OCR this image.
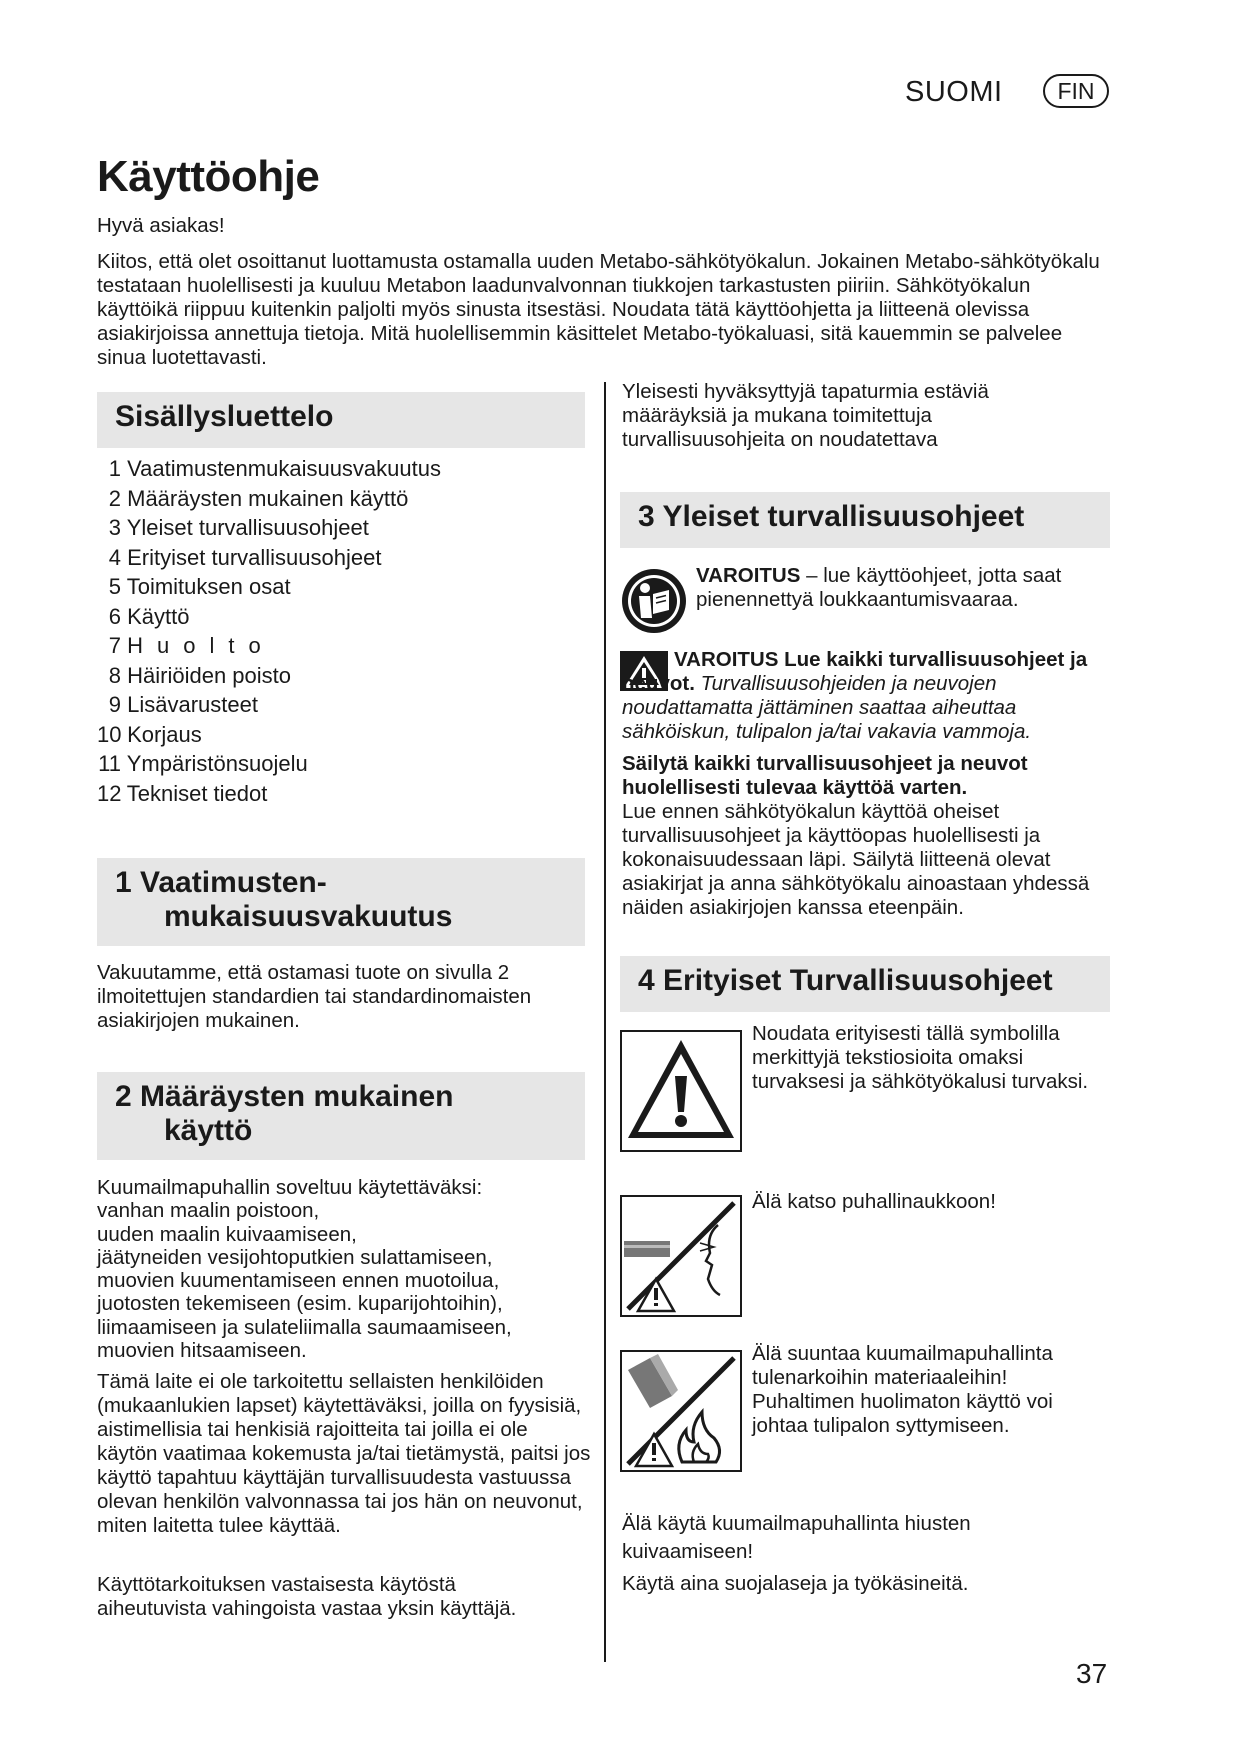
SUOMI	FIN
Käyttöohje
Hyvä asiakas!
Kiitos, että olet osoittanut luottamusta ostamalla uuden Metabo-sähkötyökalun. Jokainen Metabo-sähkötyökalu testataan huolellisesti ja kuuluu Metabon laadunvalvonnan tiukkojen tarkastusten piiriin. Sähkötyökalun käyttöikä riippuu kuitenkin paljolti myös sinusta itsestäsi. Noudata tätä käyttöohjetta ja liitteenä olevissa asiakirjoissa annettuja tietoja. Mitä huolellisemmin käsittelet Metabo-työkaluasi, sitä kauemmin se palvelee sinua luotettavasti.
Sisällysluettelo
1 Vaatimustenmukaisuusvakuutus
2 Määräysten mukainen käyttö
3 Yleiset turvallisuusohjeet
4 Erityiset turvallisuusohjeet
5 Toimituksen osat
6 Käyttö
7 Huolto
8 Häiriöiden poisto
9 Lisävarusteet
10 Korjaus
11 Ympäristönsuojelu
12 Tekniset tiedot
1 Vaatimusten-
mukaisuusvakuutus
Vakuutamme, että ostamasi tuote on sivulla 2 ilmoitettujen standardien tai standardinomaisten asiakirjojen mukainen.
2 Määräysten mukainen
käyttö
Kuumailmapuhallin soveltuu käytettäväksi:
vanhan maalin poistoon,
uuden maalin kuivaamiseen,
jäätyneiden vesijohtoputkien sulattamiseen,
muovien kuumentamiseen ennen muotoilua,
juotosten tekemiseen (esim. kuparijohtoihin),
liimaamiseen ja sulateliimalla saumaamiseen,
muovien hitsaamiseen.
Tämä laite ei ole tarkoitettu sellaisten henkilöiden (mukaanlukien lapset) käytettäväksi, joilla on fyysisiä, aistimellisia tai henkisiä rajoitteita tai joilla ei ole käytön vaatimaa kokemusta ja/tai tietämystä, paitsi jos käyttö tapahtuu käyttäjän turvallisuudesta vastuussa olevan henkilön valvonnassa tai jos hän on neuvonut, miten laitetta tulee käyttää.
Käyttötarkoituksen vastaisesta käytöstä aiheutuvista vahingoista vastaa yksin käyttäjä.
Yleisesti hyväksyttyjä tapaturmia estäviä määräyksiä ja mukana toimitettuja turvallisuusohjeita on noudatettava
3 Yleiset turvallisuusohjeet
VAROITUS – lue käyttöohjeet, jotta saat pienennettyä loukkaantumisvaaraa.
VAROITUS Lue kaikki turvallisuusohjeet ja neuvot. Turvallisuusohjeiden ja neuvojen noudattamatta jättäminen saattaa aiheuttaa sähköiskun, tulipalon ja/tai vakavia vammoja.
Säilytä kaikki turvallisuusohjeet ja neuvot huolellisesti tulevaa käyttöä varten.
Lue ennen sähkötyökalun käyttöä oheiset turvallisuusohjeet ja käyttöopas huolellisesti ja kokonaisuudessaan läpi. Säilytä liitteenä olevat asiakirjat ja anna sähkötyökalu ainoastaan yhdessä näiden asiakirjojen kanssa eteenpäin.
4 Erityiset Turvallisuusohjeet
Noudata erityisesti tällä symbolilla merkittyjä tekstiosioita omaksi turvaksesi ja sähkötyökalusi turvaksi.
Älä katso puhallinaukkoon!
Älä suuntaa kuumailmapuhallinta tulenarkoihin materiaaleihin!
Puhaltimen huolimaton käyttö voi johtaa tulipalon syttymiseen.
Älä käytä kuumailmapuhallinta hiusten kuivaamiseen!
Käytä aina suojalaseja ja työkäsineitä.
37
